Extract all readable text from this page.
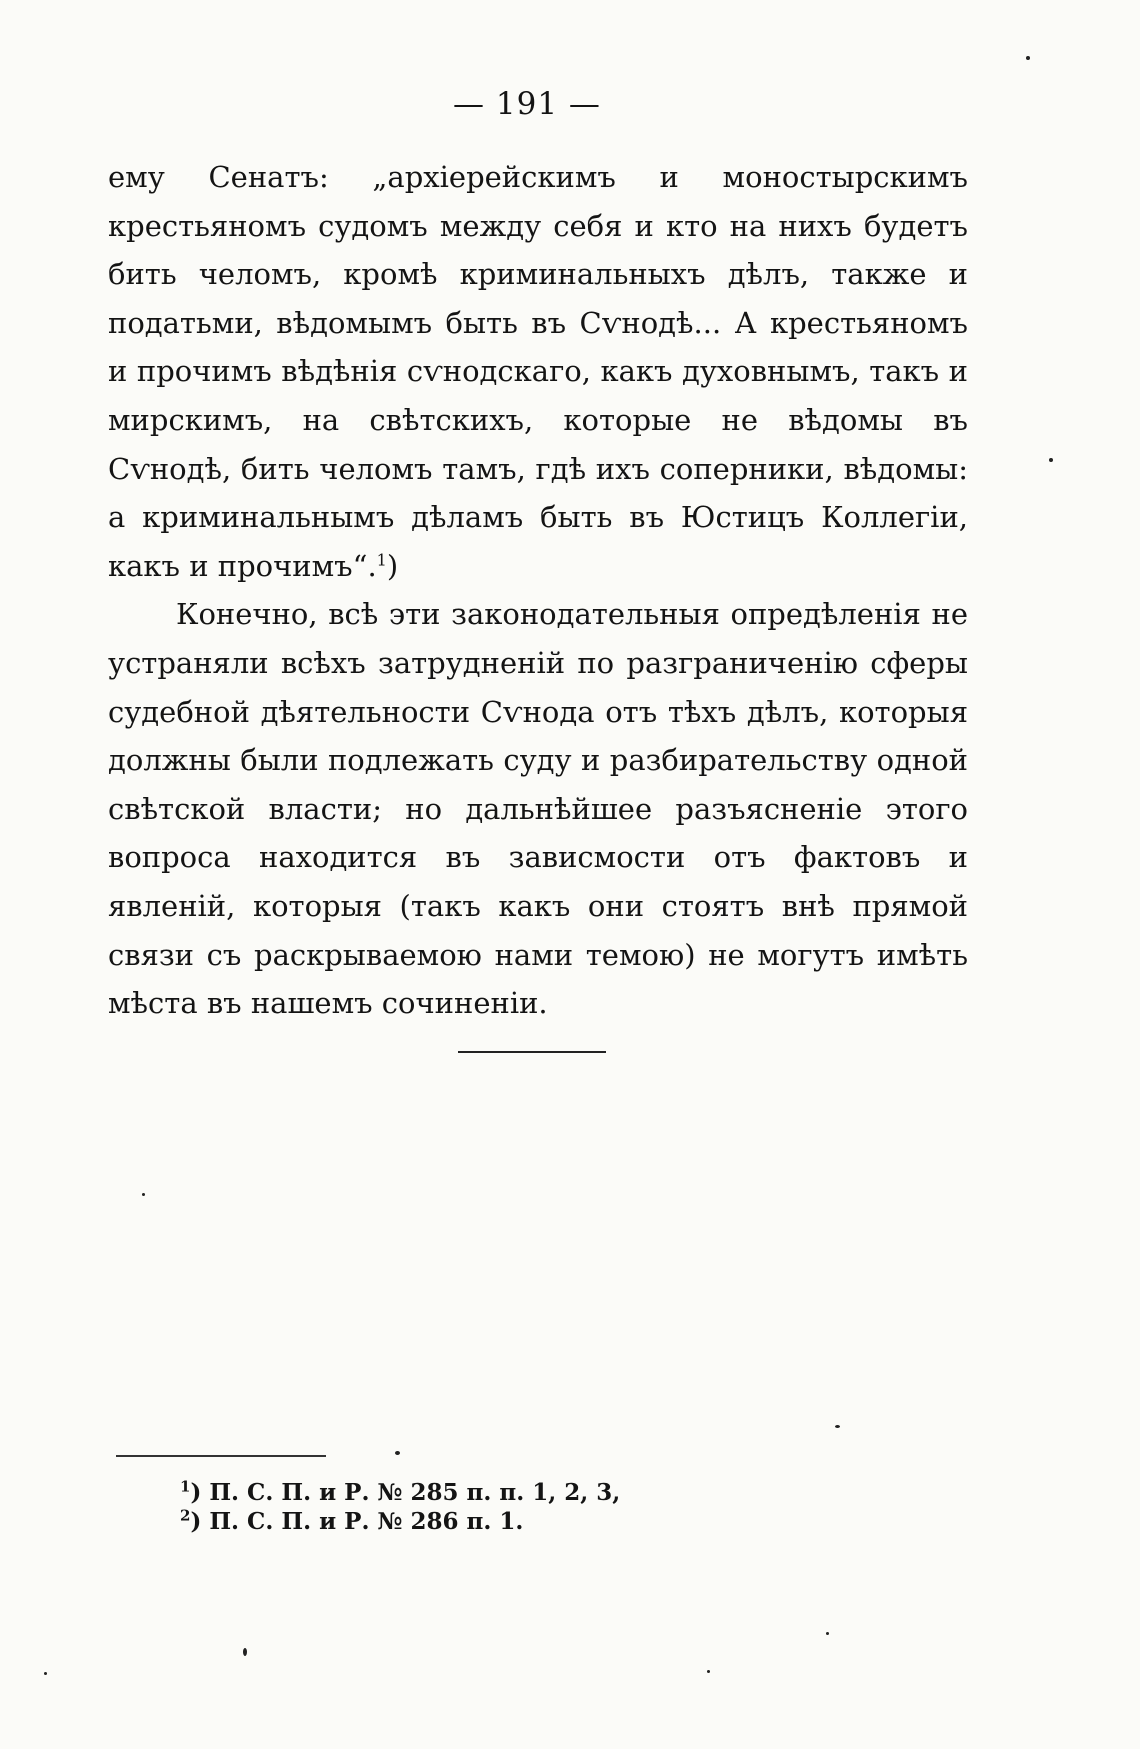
— 191 —

ему Сенатъ: „архіерейскимъ и моностырскимъ крестьяномъ судомъ между себя и кто на нихъ будетъ бить челомъ, кромѣ криминальныхъ дѣлъ, также и податьми, вѣдомымъ быть въ Сѵнодѣ... А крестьяномъ и прочимъ вѣдѣнія сѵнодскаго, какъ духовнымъ, такъ и мирскимъ, на свѣтскихъ, которые не вѣдомы въ Сѵнодѣ, бить челомъ тамъ, гдѣ ихъ соперники, вѣдомы: а криминальнымъ дѣламъ быть въ Юстицъ Коллегіи, какъ и прочимъ“.$^1$)

Конечно, всѣ эти законодательныя опредѣленія не устраняли всѣхъ затрудненій по разграниченію сферы судебной дѣятельности Сѵнода отъ тѣхъ дѣлъ, которыя должны были подлежать суду и разбирательству одной свѣтской власти; но дальнѣйшее разъясненіе этого вопроса находится въ зависмости отъ фактовъ и явленій, которыя (такъ какъ они стоятъ внѣ прямой связи съ раскрываемою нами темою) не могутъ имѣть мѣста въ нашемъ сочиненіи.

$^1$) П. С. П. и Р. № 285 п. п. 1, 2, 3,
$^2$) П. С. П. и Р. № 286 п. 1.
